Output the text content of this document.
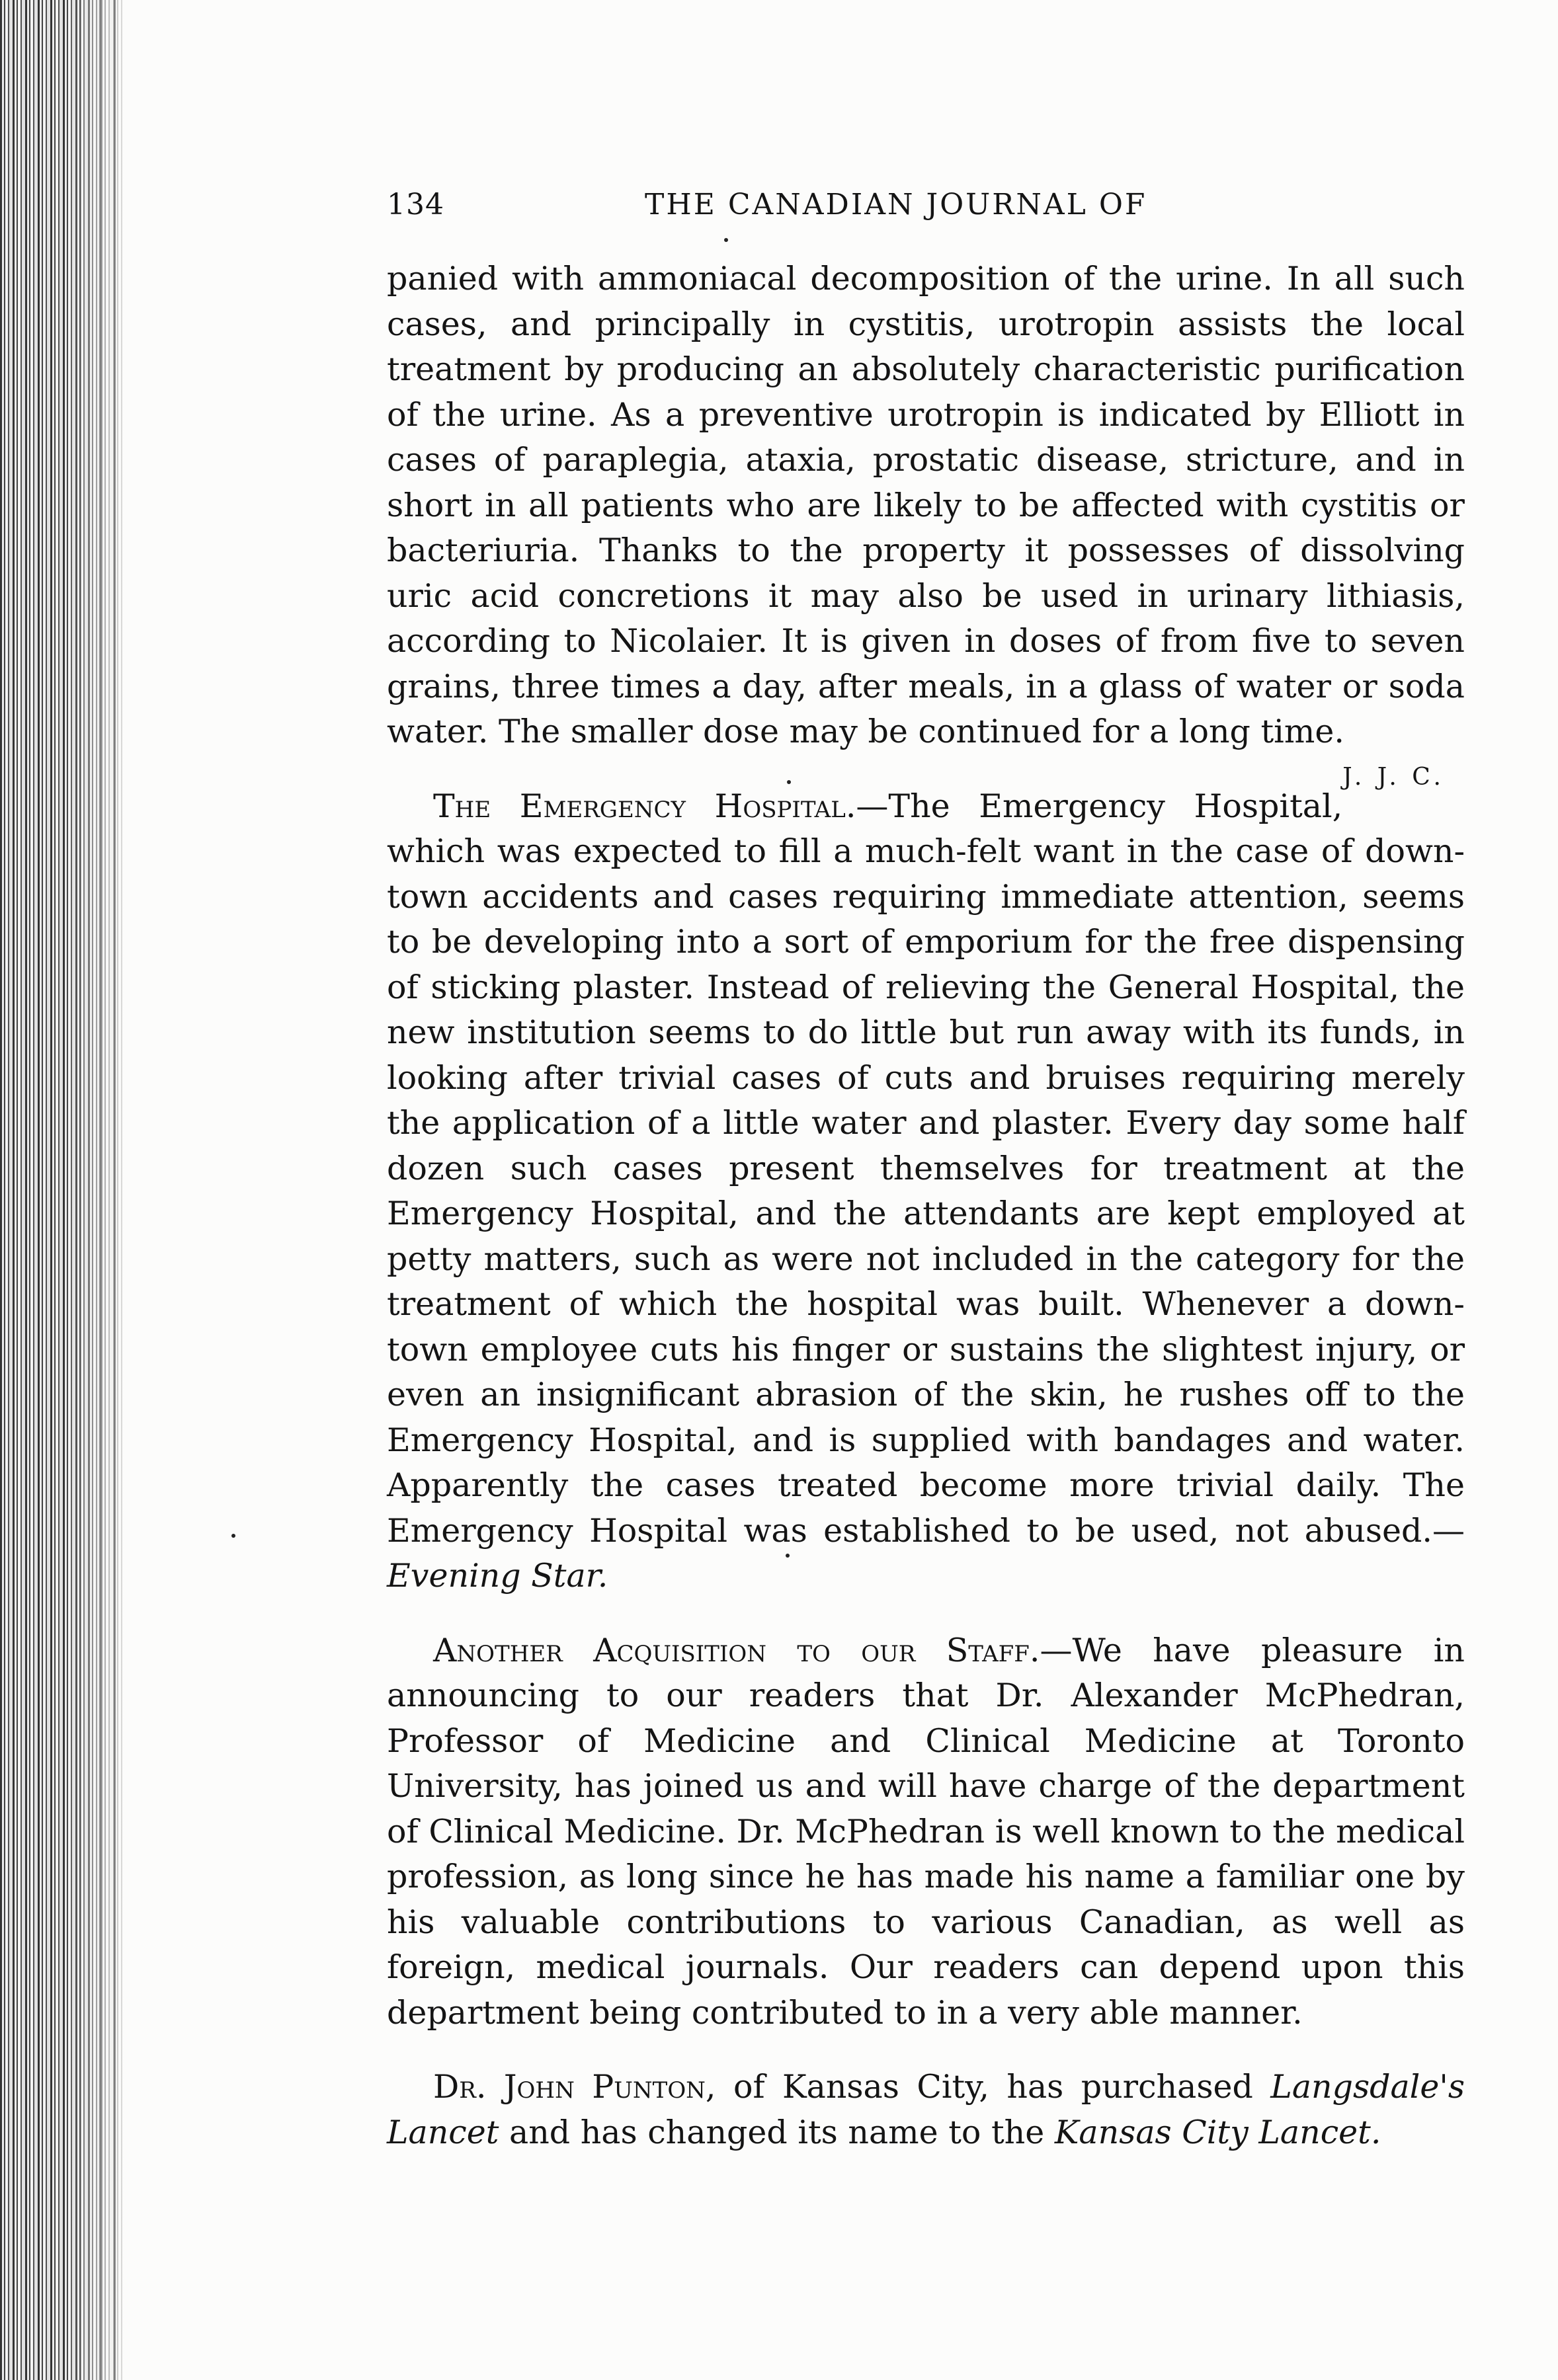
134	THE CANADIAN JOURNAL OF

panied with ammoniacal decomposition of the urine. In all such cases, and principally in cystitis, urotropin assists the local treatment by producing an absolutely characteristic purification of the urine. As a preventive urotropin is indicated by Elliott in cases of paraplegia, ataxia, prostatic disease, stricture, and in short in all patients who are likely to be affected with cystitis or bacteriuria. Thanks to the property it possesses of dissolving uric acid concretions it may also be used in urinary lithiasis, according to Nicolaier. It is given in doses of from five to seven grains, three times a day, after meals, in a glass of water or soda water. The smaller dose may be continued for a long time.
J. J. C.

The Emergency Hospital.—The Emergency Hospital, which was expected to fill a much-felt want in the case of down-town accidents and cases requiring immediate attention, seems to be developing into a sort of emporium for the free dispensing of sticking plaster. Instead of relieving the General Hospital, the new institution seems to do little but run away with its funds, in looking after trivial cases of cuts and bruises requiring merely the application of a little water and plaster. Every day some half dozen such cases present themselves for treatment at the Emergency Hospital, and the attendants are kept employed at petty matters, such as were not included in the category for the treatment of which the hospital was built. Whenever a down-town employee cuts his finger or sustains the slightest injury, or even an insignificant abrasion of the skin, he rushes off to the Emergency Hospital, and is supplied with bandages and water. Apparently the cases treated become more trivial daily. The Emergency Hospital was established to be used, not abused.—Evening Star.

Another Acquisition to our Staff.—We have pleasure in announcing to our readers that Dr. Alexander McPhedran, Professor of Medicine and Clinical Medicine at Toronto University, has joined us and will have charge of the department of Clinical Medicine. Dr. McPhedran is well known to the medical profession, as long since he has made his name a familiar one by his valuable contributions to various Canadian, as well as foreign, medical journals. Our readers can depend upon this department being contributed to in a very able manner.

Dr. John Punton, of Kansas City, has purchased Langsdale's Lancet and has changed its name to the Kansas City Lancet.
